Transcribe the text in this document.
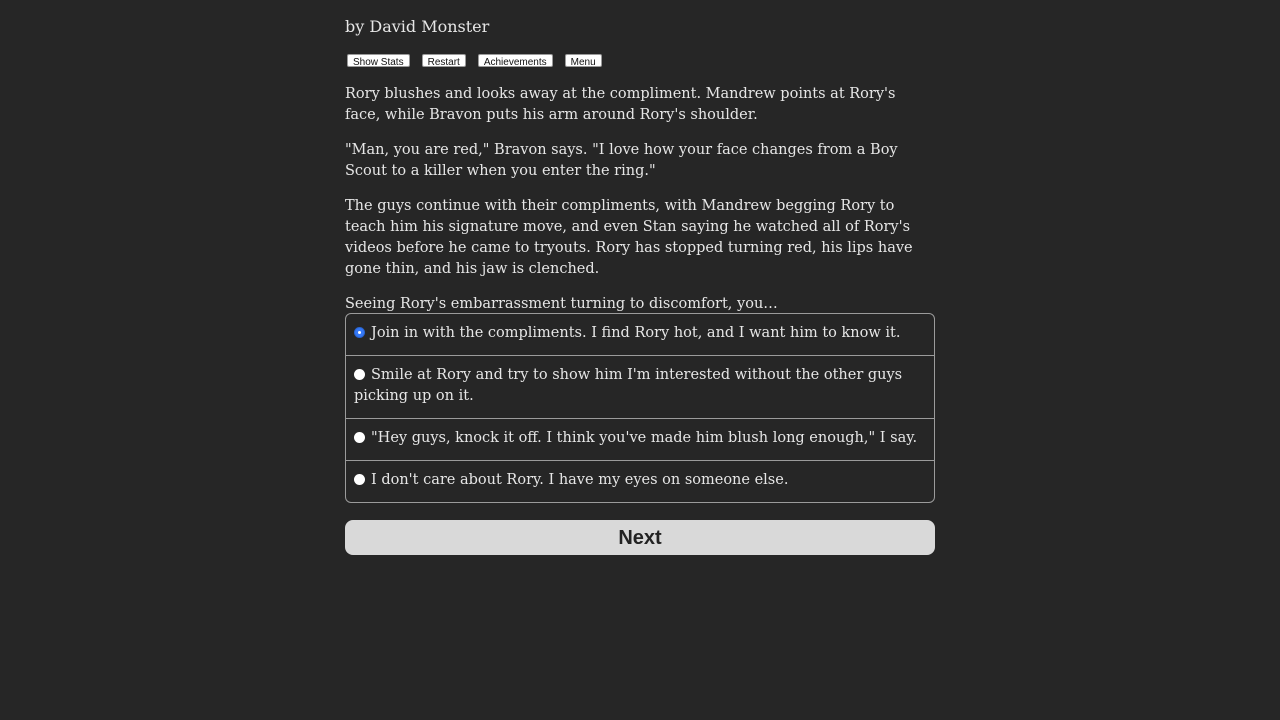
by David Monster
Show Stats	Restart	Achievements	Menu

Rory blushes and looks away at the compliment. Mandrew points at Rory's face, while Bravon puts his arm around Rory's shoulder.

"Man, you are red," Bravon says. "I love how your face changes from a Boy Scout to a killer when you enter the ring."

The guys continue with their compliments, with Mandrew begging Rory to teach him his signature move, and even Stan saying he watched all of Rory's videos before he came to tryouts. Rory has stopped turning red, his lips have gone thin, and his jaw is clenched.

Seeing Rory's embarrassment turning to discomfort, you…

Join in with the compliments. I find Rory hot, and I want him to know it.
Smile at Rory and try to show him I'm interested without the other guys picking up on it.
"Hey guys, knock it off. I think you've made him blush long enough," I say.
I don't care about Rory. I have my eyes on someone else.
Next
